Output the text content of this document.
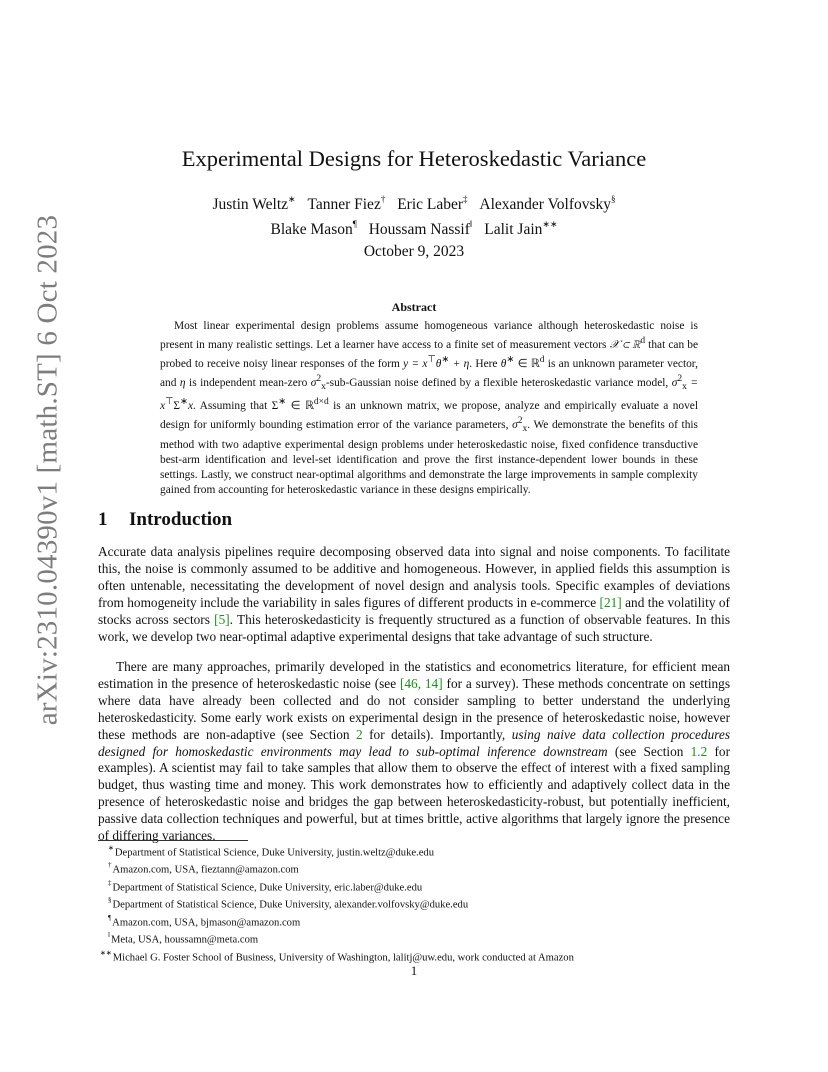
arXiv:2310.04390v1 [math.ST] 6 Oct 2023
Experimental Designs for Heteroskedastic Variance
Justin Weltz∗ Tanner Fiez† Eric Laber‡ Alexander Volfovsky§
Blake Mason¶ Houssam Nassif‖ Lalit Jain∗∗
October 9, 2023
Abstract

Most linear experimental design problems assume homogeneous variance although heteroskedastic noise is present in many realistic settings. Let a learner have access to a finite set of measurement vectors 𝒳 ⊂ ℝ$^d$ that can be probed to receive noisy linear responses of the form y = x⊤θ∗ + η. Here θ∗ ∈ ℝ$^d$ is an unknown parameter vector, and η is independent mean-zero $\sigma^2_x-sub$-Gaussian noise defined by a flexible heteroskedastic variance model, $\sigma^2_x = x^⊤\Sigma^∗x$. Assuming that Σ∗ ∈ ℝ$^{d\times d}$ is an unknown matrix, we propose, analyze and empirically evaluate a novel design for uniformly bounding estimation error of the variance parameters, $\sigma^2_x$. We demonstrate the benefits of this method with two adaptive experimental design problems under heteroskedastic noise, fixed confidence transductive best-arm identification and level-set identification and prove the first instance-dependent lower bounds in these settings. Lastly, we construct near-optimal algorithms and demonstrate the large improvements in sample complexity gained from accounting for heteroskedastic variance in these designs empirically.

1 Introduction

Accurate data analysis pipelines require decomposing observed data into signal and noise components. To facilitate this, the noise is commonly assumed to be additive and homogeneous. However, in applied fields this assumption is often untenable, necessitating the development of novel design and analysis tools. Specific examples of deviations from homogeneity include the variability in sales figures of different products in e-commerce [21] and the volatility of stocks across sectors [5]. This heteroskedasticity is frequently structured as a function of observable features. In this work, we develop two near-optimal adaptive experimental designs that take advantage of such structure.

There are many approaches, primarily developed in the statistics and econometrics literature, for efficient mean estimation in the presence of heteroskedastic noise (see [46, 14] for a survey). These methods concentrate on settings where data have already been collected and do not consider sampling to better understand the underlying heteroskedasticity. Some early work exists on experimental design in the presence of heteroskedastic noise, however these methods are non-adaptive (see Section 2 for details). Importantly, using naive data collection procedures designed for homoskedastic environments may lead to sub-optimal inference downstream (see Section 1.2 for examples). A scientist may fail to take samples that allow them to observe the effect of interest with a fixed sampling budget, thus wasting time and money. This work demonstrates how to efficiently and adaptively collect data in the presence of heteroskedastic noise and bridges the gap between heteroskedasticity-robust, but potentially inefficient, passive data collection techniques and powerful, but at times brittle, active algorithms that largely ignore the presence of differing variances.

∗Department of Statistical Science, Duke University, justin.weltz@duke.edu
†Amazon.com, USA, fieztann@amazon.com
‡Department of Statistical Science, Duke University, eric.laber@duke.edu
§Department of Statistical Science, Duke University, alexander.volfovsky@duke.edu
¶Amazon.com, USA, bjmason@amazon.com
‖Meta, USA, houssamn@meta.com
∗∗Michael G. Foster School of Business, University of Washington, lalitj@uw.edu, work conducted at Amazon
1
